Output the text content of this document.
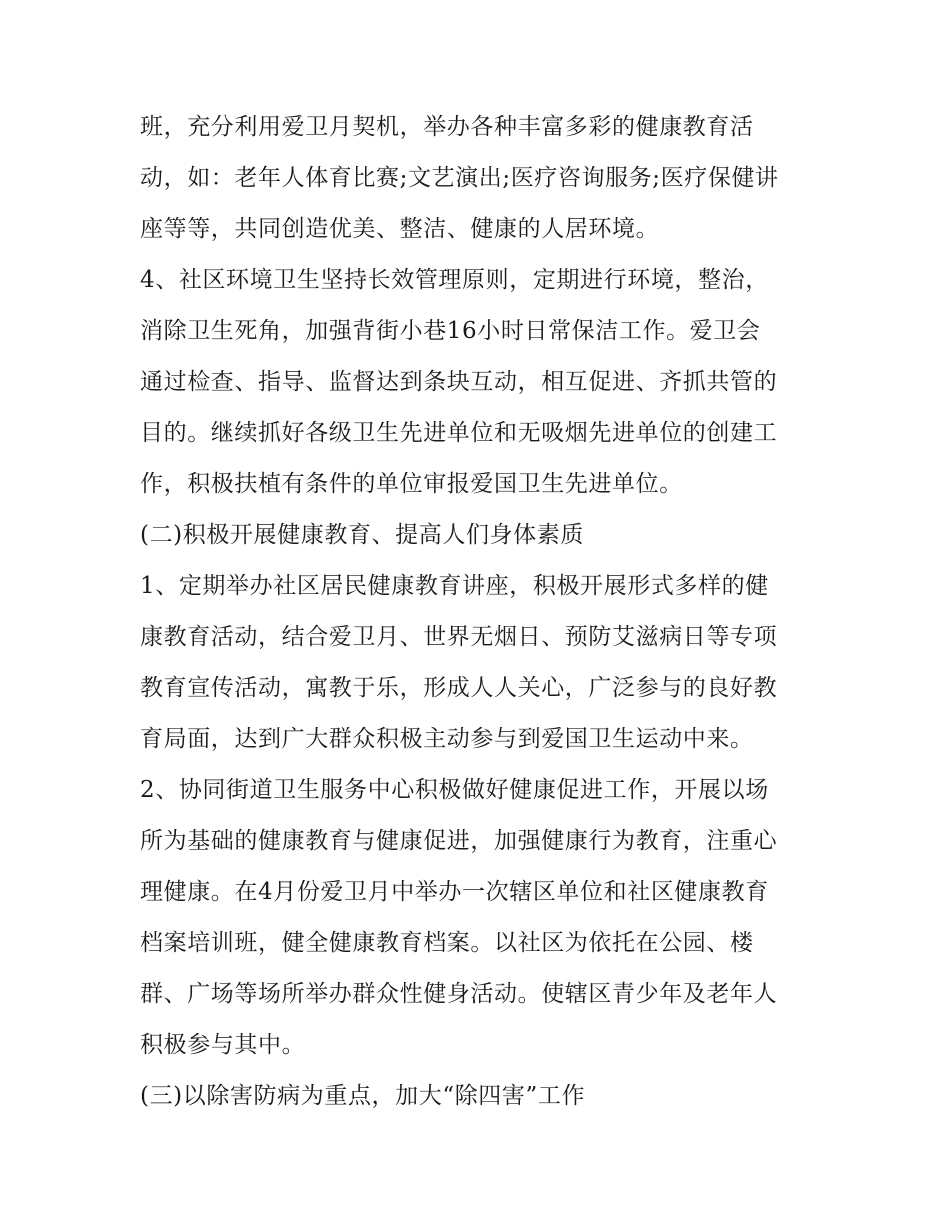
班，充分利用爱卫月契机，举办各种丰富多彩的健康教育活
动，如：老年人体育比赛;文艺演出;医疗咨询服务;医疗保健讲
座等等，共同创造优美、整洁、健康的人居环境。
4、社区环境卫生坚持长效管理原则，定期进行环境，整治，
消除卫生死角，加强背街小巷16小时日常保洁工作。爱卫会
通过检查、指导、监督达到条块互动，相互促进、齐抓共管的
目的。继续抓好各级卫生先进单位和无吸烟先进单位的创建工
作，积极扶植有条件的单位审报爱国卫生先进单位。
(二)积极开展健康教育、提高人们身体素质
1、定期举办社区居民健康教育讲座，积极开展形式多样的健
康教育活动，结合爱卫月、世界无烟日、预防艾滋病日等专项
教育宣传活动，寓教于乐，形成人人关心，广泛参与的良好教
育局面，达到广大群众积极主动参与到爱国卫生运动中来。
2、协同街道卫生服务中心积极做好健康促进工作，开展以场
所为基础的健康教育与健康促进，加强健康行为教育，注重心
理健康。在4月份爱卫月中举办一次辖区单位和社区健康教育
档案培训班，健全健康教育档案。以社区为依托在公园、楼
群、广场等场所举办群众性健身活动。使辖区青少年及老年人
积极参与其中。
(三)以除害防病为重点，加大“除四害”工作
